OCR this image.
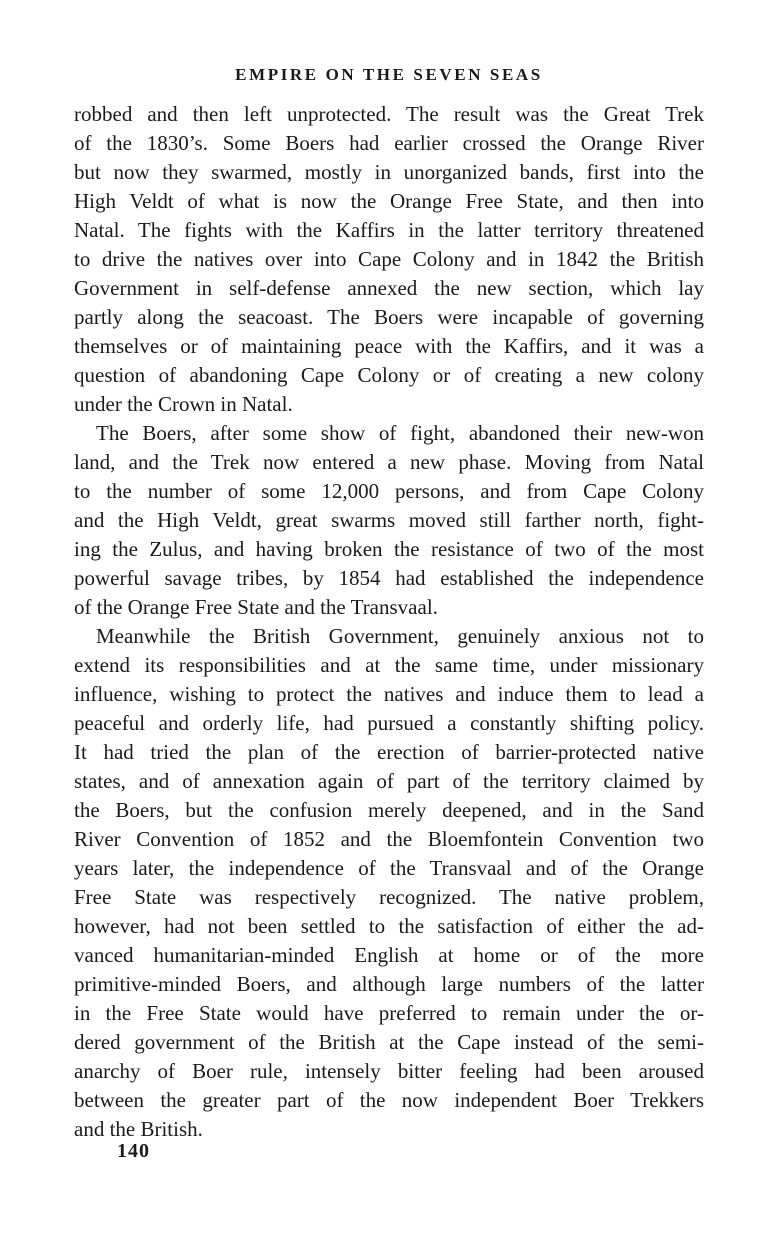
EMPIRE ON THE SEVEN SEAS
robbed and then left unprotected. The result was the Great Trek
of the 1830’s. Some Boers had earlier crossed the Orange River
but now they swarmed, mostly in unorganized bands, first into the
High Veldt of what is now the Orange Free State, and then into
Natal. The fights with the Kaffirs in the latter territory threatened
to drive the natives over into Cape Colony and in 1842 the British
Government in self-defense annexed the new section, which lay
partly along the seacoast. The Boers were incapable of governing
themselves or of maintaining peace with the Kaffirs, and it was a
question of abandoning Cape Colony or of creating a new colony
under the Crown in Natal.
The Boers, after some show of fight, abandoned their new-won
land, and the Trek now entered a new phase. Moving from Natal
to the number of some 12,000 persons, and from Cape Colony
and the High Veldt, great swarms moved still farther north, fight-
ing the Zulus, and having broken the resistance of two of the most
powerful savage tribes, by 1854 had established the independence
of the Orange Free State and the Transvaal.
Meanwhile the British Government, genuinely anxious not to
extend its responsibilities and at the same time, under missionary
influence, wishing to protect the natives and induce them to lead a
peaceful and orderly life, had pursued a constantly shifting policy.
It had tried the plan of the erection of barrier-protected native
states, and of annexation again of part of the territory claimed by
the Boers, but the confusion merely deepened, and in the Sand
River Convention of 1852 and the Bloemfontein Convention two
years later, the independence of the Transvaal and of the Orange
Free State was respectively recognized. The native problem,
however, had not been settled to the satisfaction of either the ad-
vanced humanitarian-minded English at home or of the more
primitive-minded Boers, and although large numbers of the latter
in the Free State would have preferred to remain under the or-
dered government of the British at the Cape instead of the semi-
anarchy of Boer rule, intensely bitter feeling had been aroused
between the greater part of the now independent Boer Trekkers
and the British.
140
